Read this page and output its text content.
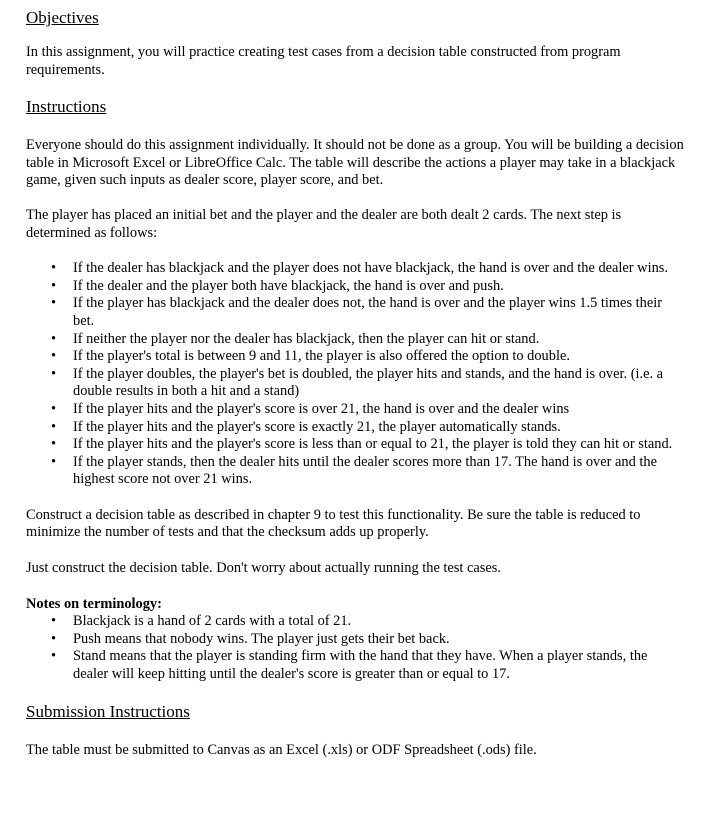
Objectives

In this assignment, you will practice creating test cases from a decision table constructed from program requirements.

Instructions

Everyone should do this assignment individually. It should not be done as a group. You will be building a decision table in Microsoft Excel or LibreOffice Calc. The table will describe the actions a player may take in a blackjack game, given such inputs as dealer score, player score, and bet.

The player has placed an initial bet and the player and the dealer are both dealt 2 cards. The next step is determined as follows:

• If the dealer has blackjack and the player does not have blackjack, the hand is over and the dealer wins.
• If the dealer and the player both have blackjack, the hand is over and push.
• If the player has blackjack and the dealer does not, the hand is over and the player wins 1.5 times their bet.
• If neither the player nor the dealer has blackjack, then the player can hit or stand.
• If the player's total is between 9 and 11, the player is also offered the option to double.
• If the player doubles, the player's bet is doubled, the player hits and stands, and the hand is over. (i.e. a double results in both a hit and a stand)
• If the player hits and the player's score is over 21, the hand is over and the dealer wins
• If the player hits and the player's score is exactly 21, the player automatically stands.
• If the player hits and the player's score is less than or equal to 21, the player is told they can hit or stand.
• If the player stands, then the dealer hits until the dealer scores more than 17. The hand is over and the highest score not over 21 wins.

Construct a decision table as described in chapter 9 to test this functionality. Be sure the table is reduced to minimize the number of tests and that the checksum adds up properly.

Just construct the decision table. Don't worry about actually running the test cases.

Notes on terminology:

• Blackjack is a hand of 2 cards with a total of 21.
• Push means that nobody wins. The player just gets their bet back.
• Stand means that the player is standing firm with the hand that they have. When a player stands, the dealer will keep hitting until the dealer's score is greater than or equal to 17.
Submission Instructions

The table must be submitted to Canvas as an Excel (.xls) or ODF Spreadsheet (.ods) file.
